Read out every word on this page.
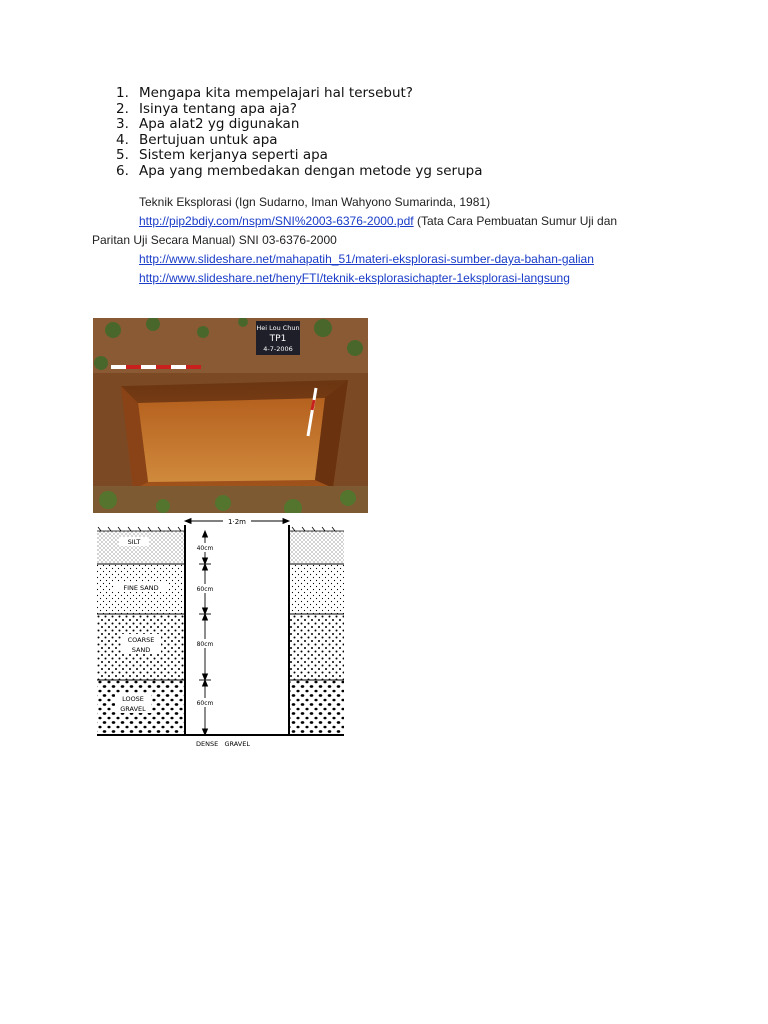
1. Mengapa kita mempelajari hal tersebut?
2. Isinya tentang apa aja?
3. Apa alat2 yg digunakan
4. Bertujuan untuk apa
5. Sistem kerjanya seperti apa
6. Apa yang membedakan dengan metode yg serupa
Teknik Eksplorasi (Ign Sudarno, Iman Wahyono Sumarinda, 1981)
http://pip2bdiy.com/nspm/SNI%2003-6376-2000.pdf (Tata Cara Pembuatan Sumur Uji dan
Paritan Uji Secara Manual) SNI 03-6376-2000
http://www.slideshare.net/mahapatih_51/materi-eksplorasi-sumber-daya-bahan-galian
http://www.slideshare.net/henyFTI/teknik-eksplorasichapter-1eksplorasi-langsung
Hei Lou Chun
TP1
4-7-2006
1·2m
40cm
60cm
80cm
60cm
SILT
FINE SAND
COARSE
SAND
LOOSE
GRAVEL
DENSE   GRAVEL
